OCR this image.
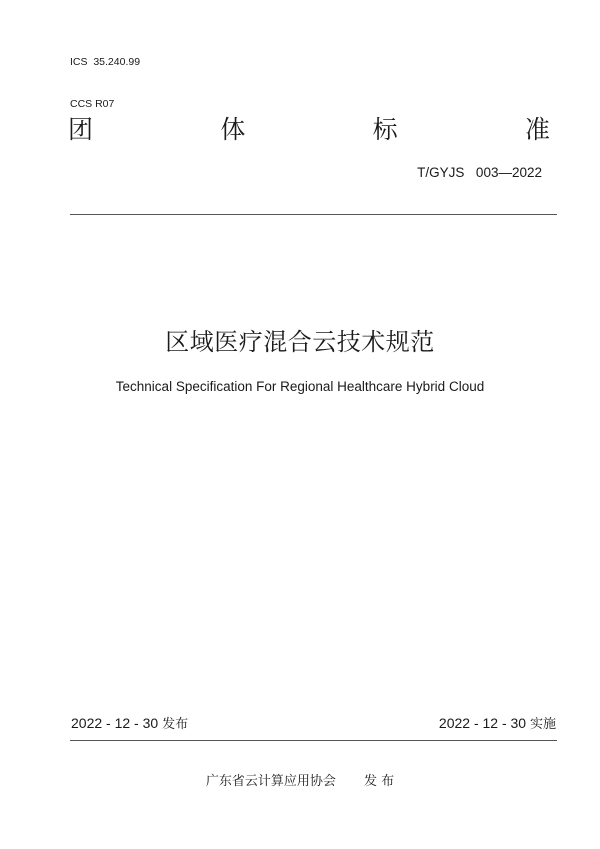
ICS  35.240.99

CCS R07

团	体	标	准
T/GYJS  003—2022
区域医疗混合云技术规范
Technical Specification For Regional Healthcare Hybrid Cloud
2022 - 12 - 30 发布	2022 - 12 - 30 实施
广东省云计算应用协会 发 布
